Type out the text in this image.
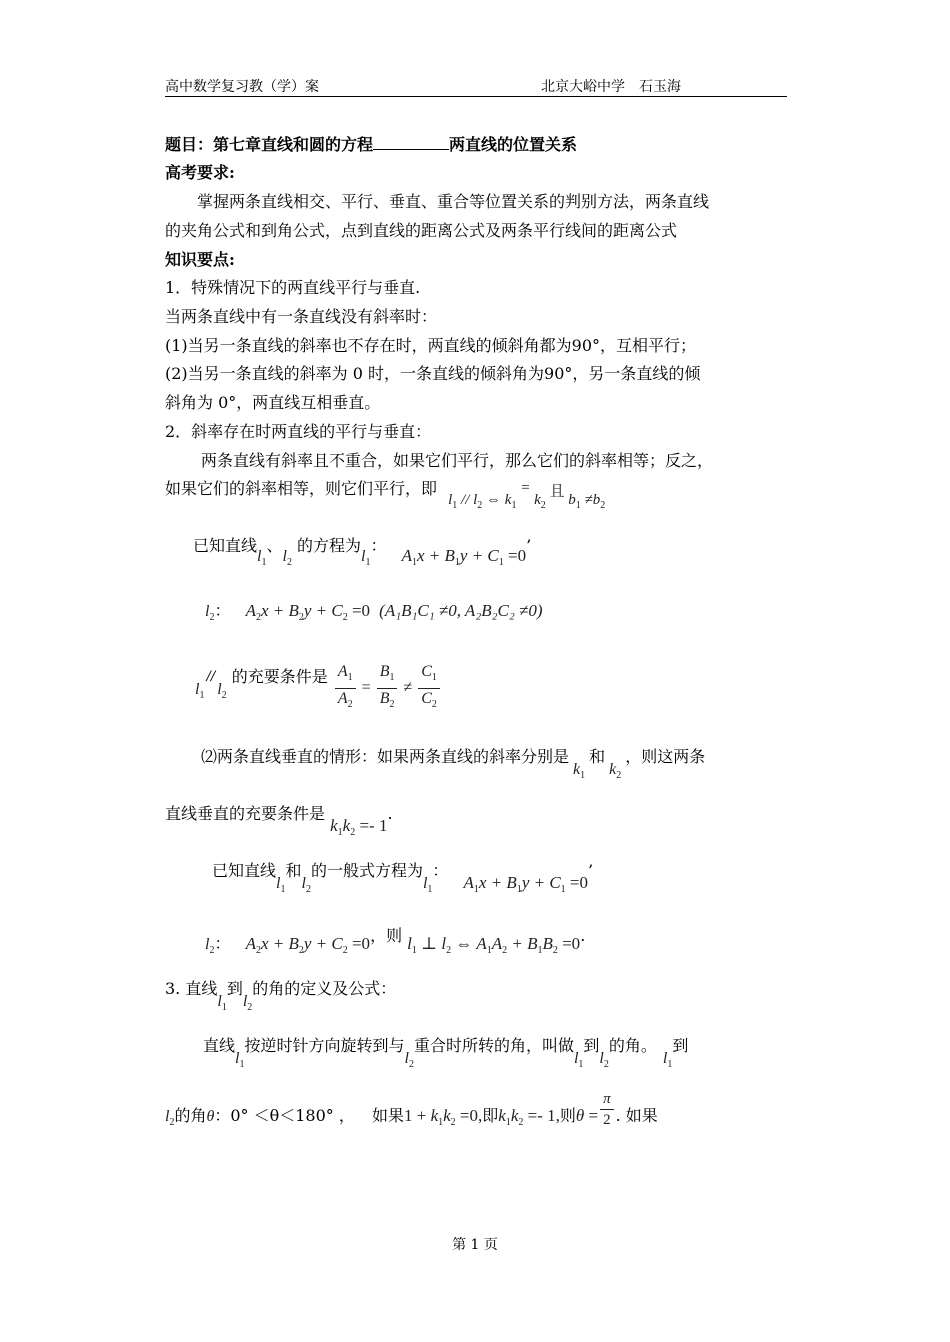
高中数学复习教（学）案	北京大峪中学　石玉海
题目：第七章直线和圆的方程	两直线的位置关系
高考要求:
掌握两条直线相交、平行、垂直、重合等位置关系的判别方法，两条直线
的夹角公式和到角公式，点到直线的距离公式及两条平行线间的距离公式
知识要点:
1．特殊情况下的两直线平行与垂直.
当两条直线中有一条直线没有斜率时：
(1)当另一条直线的斜率也不存在时，两直线的倾斜角都为90°，互相平行；
(2)当另一条直线的斜率为 0 时，一条直线的倾斜角为90°，另一条直线的倾
斜角为 0°，两直线互相垂直。
2．斜率存在时两直线的平行与垂直：
两条直线有斜率且不重合，如果它们平行，那么它们的斜率相等；反之，
如果它们的斜率相等，则它们平行，即 $l_1 // l_2$ ⇔ $k_1 = k_2$ 且 $b_1 \ne b_2$
已知直线$l_1$、$l_2$ 的方程为$l_1$： $A_1x + B_1y + C_1 =0$’
$l_2$： $A_2x + B_2y + C_2 =0$ (A₁B₁C₁ ≠0, A₂B₂C₂ ≠0)
$l_1//l_2$ 的充要条件是 $\frac{A_1}{A_2} = \frac{B_1}{B_2} \ne \frac{C_1}{C_2}$
⑵两条直线垂直的情形：如果两条直线的斜率分别是$k_1$和$k_2$，则这两条
直线垂直的充要条件是 $k_1k_2 =- 1$.
已知直线$l_1$和$l_2$的一般式方程为$l_1$： $A_1x + B_1y + C_1 =0$’
$l_2$： $A_2x + B_2y + C_2 =0$，则 $l_1$ ⊥ $l_2$ ⇔ $A_1A_2 + B_1B_2 =0$.
3. 直线$l_1$到$l_2$的角的定义及公式：
直线$l_1$按逆时针方向旋转到与$l_2$重合时所转的角，叫做$l_1$到$l_2$的角。$l_1$到
$l_2$的角θ：0° ＜θ＜180° ， 如果$1 + k_1k_2 =0$,即$k_1k_2 =- 1$,则$\theta = \frac{\pi}{2}$ . 如果
第 1 页
